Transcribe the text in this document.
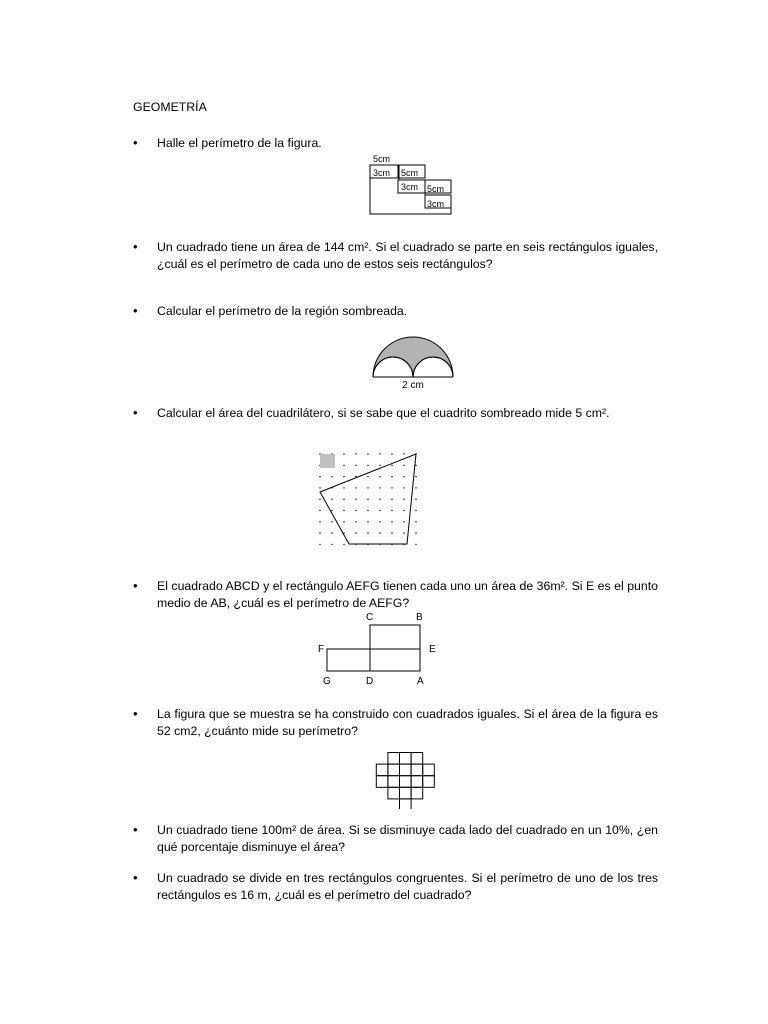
GEOMETRÍA
• Halle el perímetro de la figura.
5cm
3cm 5cm
3cm 5cm
3cm
• Un cuadrado tiene un área de 144 cm². Si el cuadrado se parte en seis rectángulos iguales, ¿cuál es el perímetro de cada uno de estos seis rectángulos?
• Calcular el perímetro de la región sombreada.
2 cm
• Calcular el área del cuadrilátero, si se sabe que el cuadrito sombreado mide 5 cm².
• El cuadrado ABCD y el rectángulo AEFG tienen cada uno un área de 36m². Si E es el punto medio de AB, ¿cuál es el perímetro de AEFG?
C	B
F	E
G	D	A
• La figura que se muestra se ha construido con cuadrados iguales. Si el área de la figura es 52 cm2, ¿cuánto mide su perímetro?
• Un cuadrado tiene 100m² de área. Si se disminuye cada lado del cuadrado en un 10%, ¿en qué porcentaje disminuye el área?
• Un cuadrado se divide en tres rectángulos congruentes. Si el perímetro de uno de los tres rectángulos es 16 m, ¿cuál es el perímetro del cuadrado?
